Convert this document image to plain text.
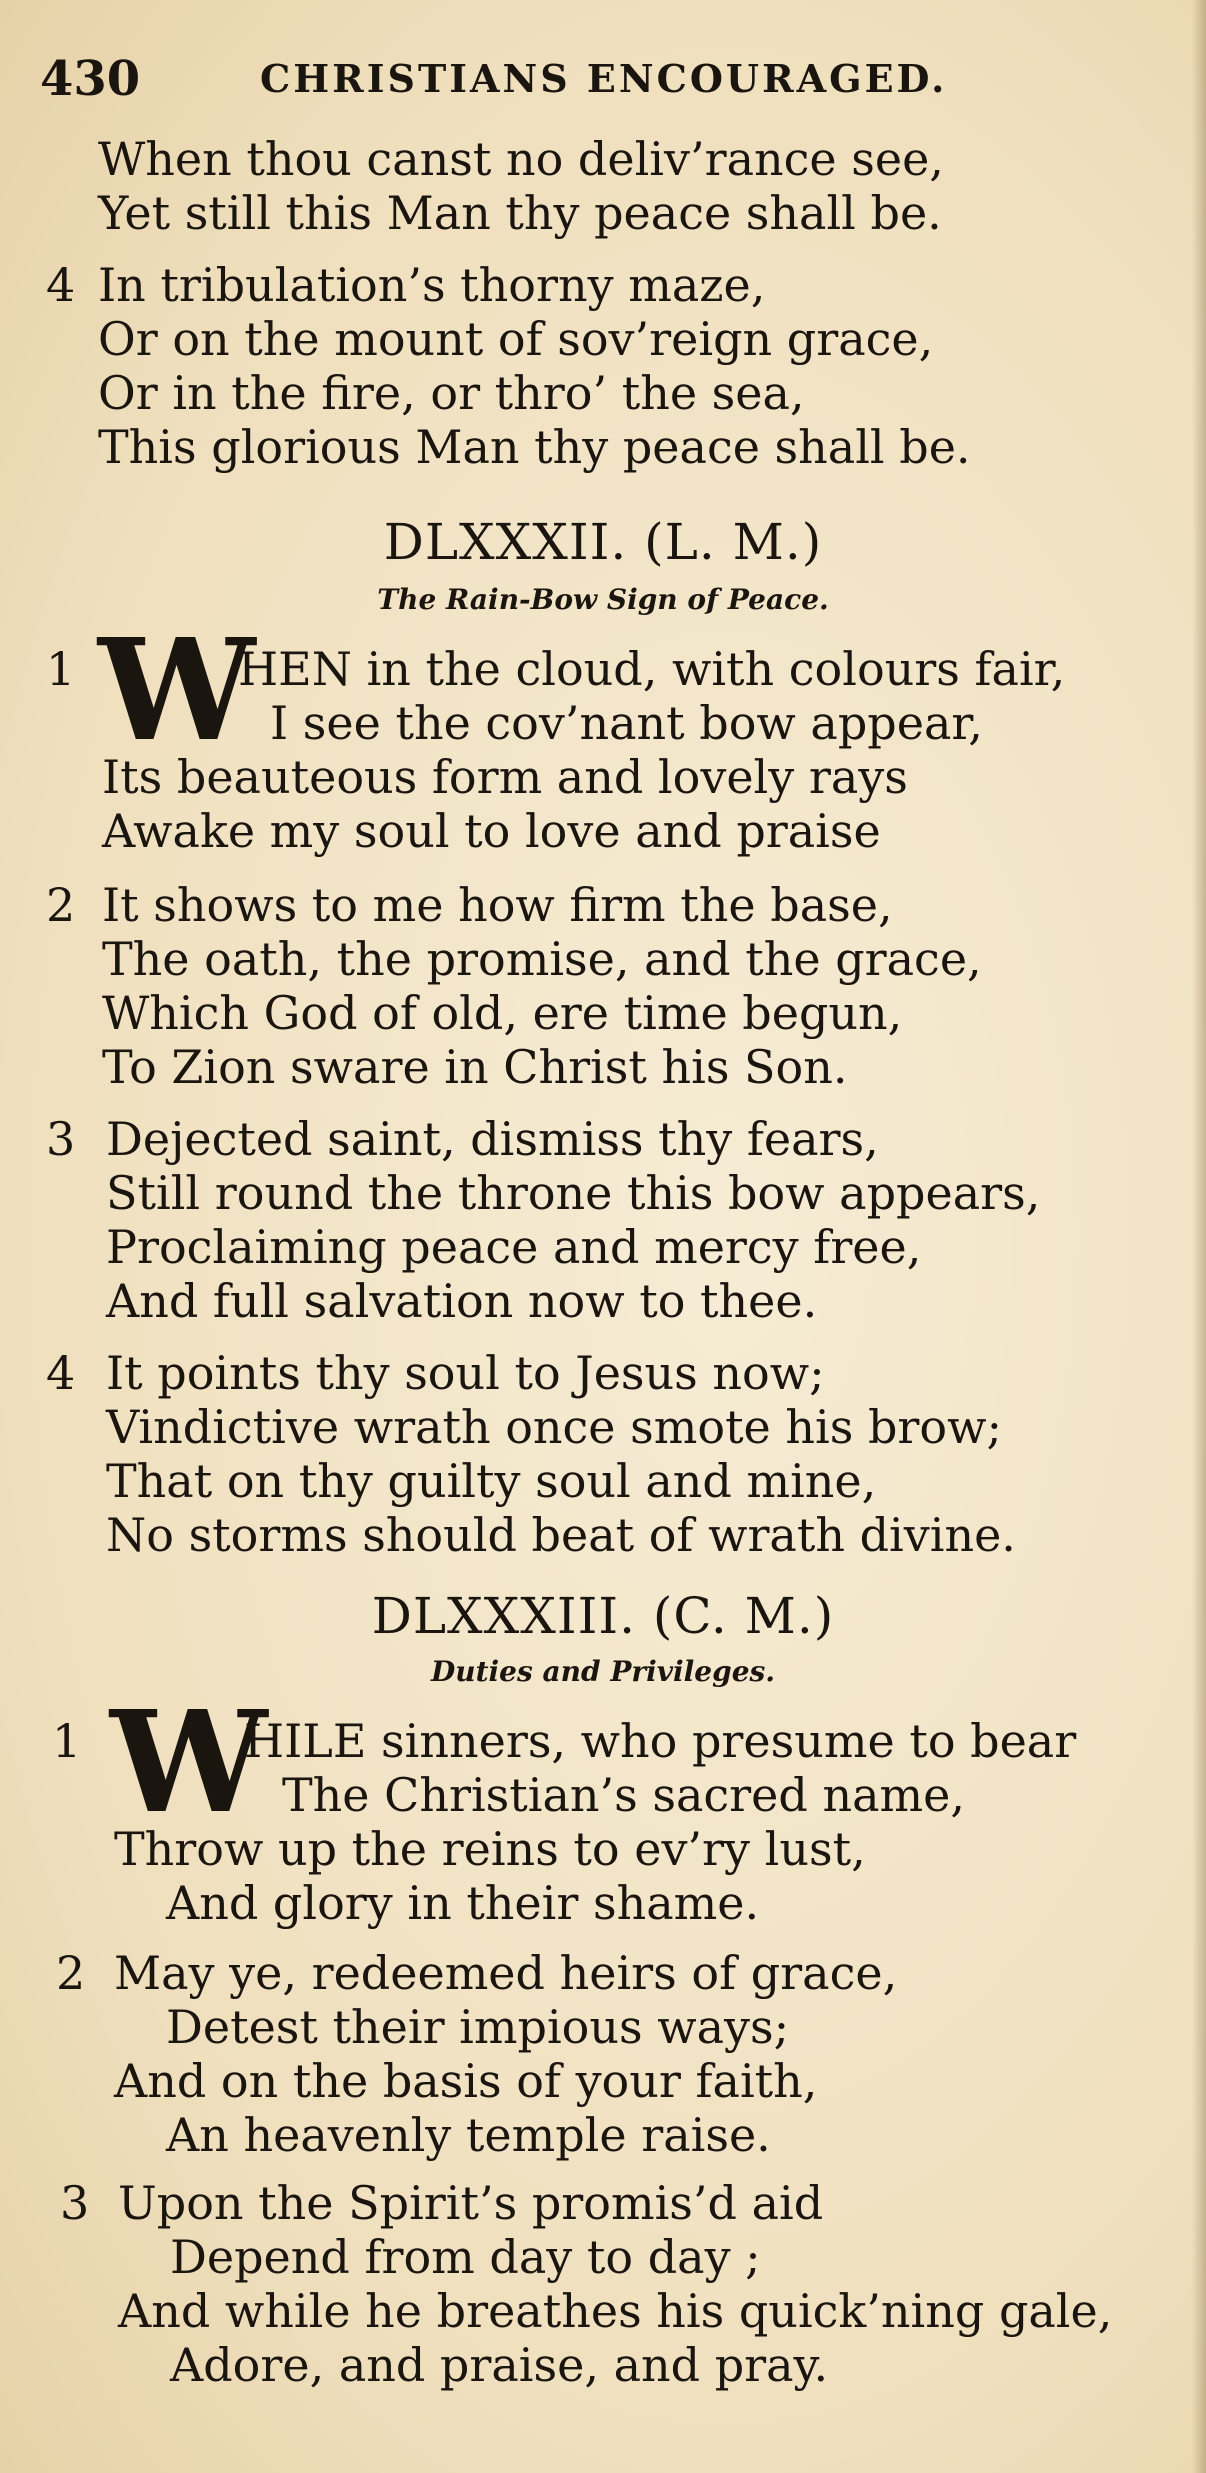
430	CHRISTIANS ENCOURAGED.
When thou canst no deliv’rance see,
Yet still this Man thy peace shall be.
4 In tribulation’s thorny maze,
Or on the mount of sov’reign grace,
Or in the fire, or thro’ the sea,
This glorious Man thy peace shall be.
DLXXXII. (L. M.)
The Rain-Bow Sign of Peace.
1 W
HEN in the cloud, with colours fair,
I see the cov’nant bow appear,
Its beauteous form and lovely rays
Awake my soul to love and praise
2 It shows to me how firm the base,
The oath, the promise, and the grace,
Which God of old, ere time begun,
To Zion sware in Christ his Son.
3 Dejected saint, dismiss thy fears,
Still round the throne this bow appears,
Proclaiming peace and mercy free,
And full salvation now to thee.
4 It points thy soul to Jesus now;
Vindictive wrath once smote his brow;
That on thy guilty soul and mine,
No storms should beat of wrath divine.
DLXXXIII. (C. M.)
Duties and Privileges.
1 W
HILE sinners, who presume to bear
The Christian’s sacred name,
Throw up the reins to ev’ry lust,
And glory in their shame.
2 May ye, redeemed heirs of grace,
Detest their impious ways;
And on the basis of your faith,
An heavenly temple raise.
3 Upon the Spirit’s promis’d aid
Depend from day to day ;
And while he breathes his quick’ning gale,
Adore, and praise, and pray.
